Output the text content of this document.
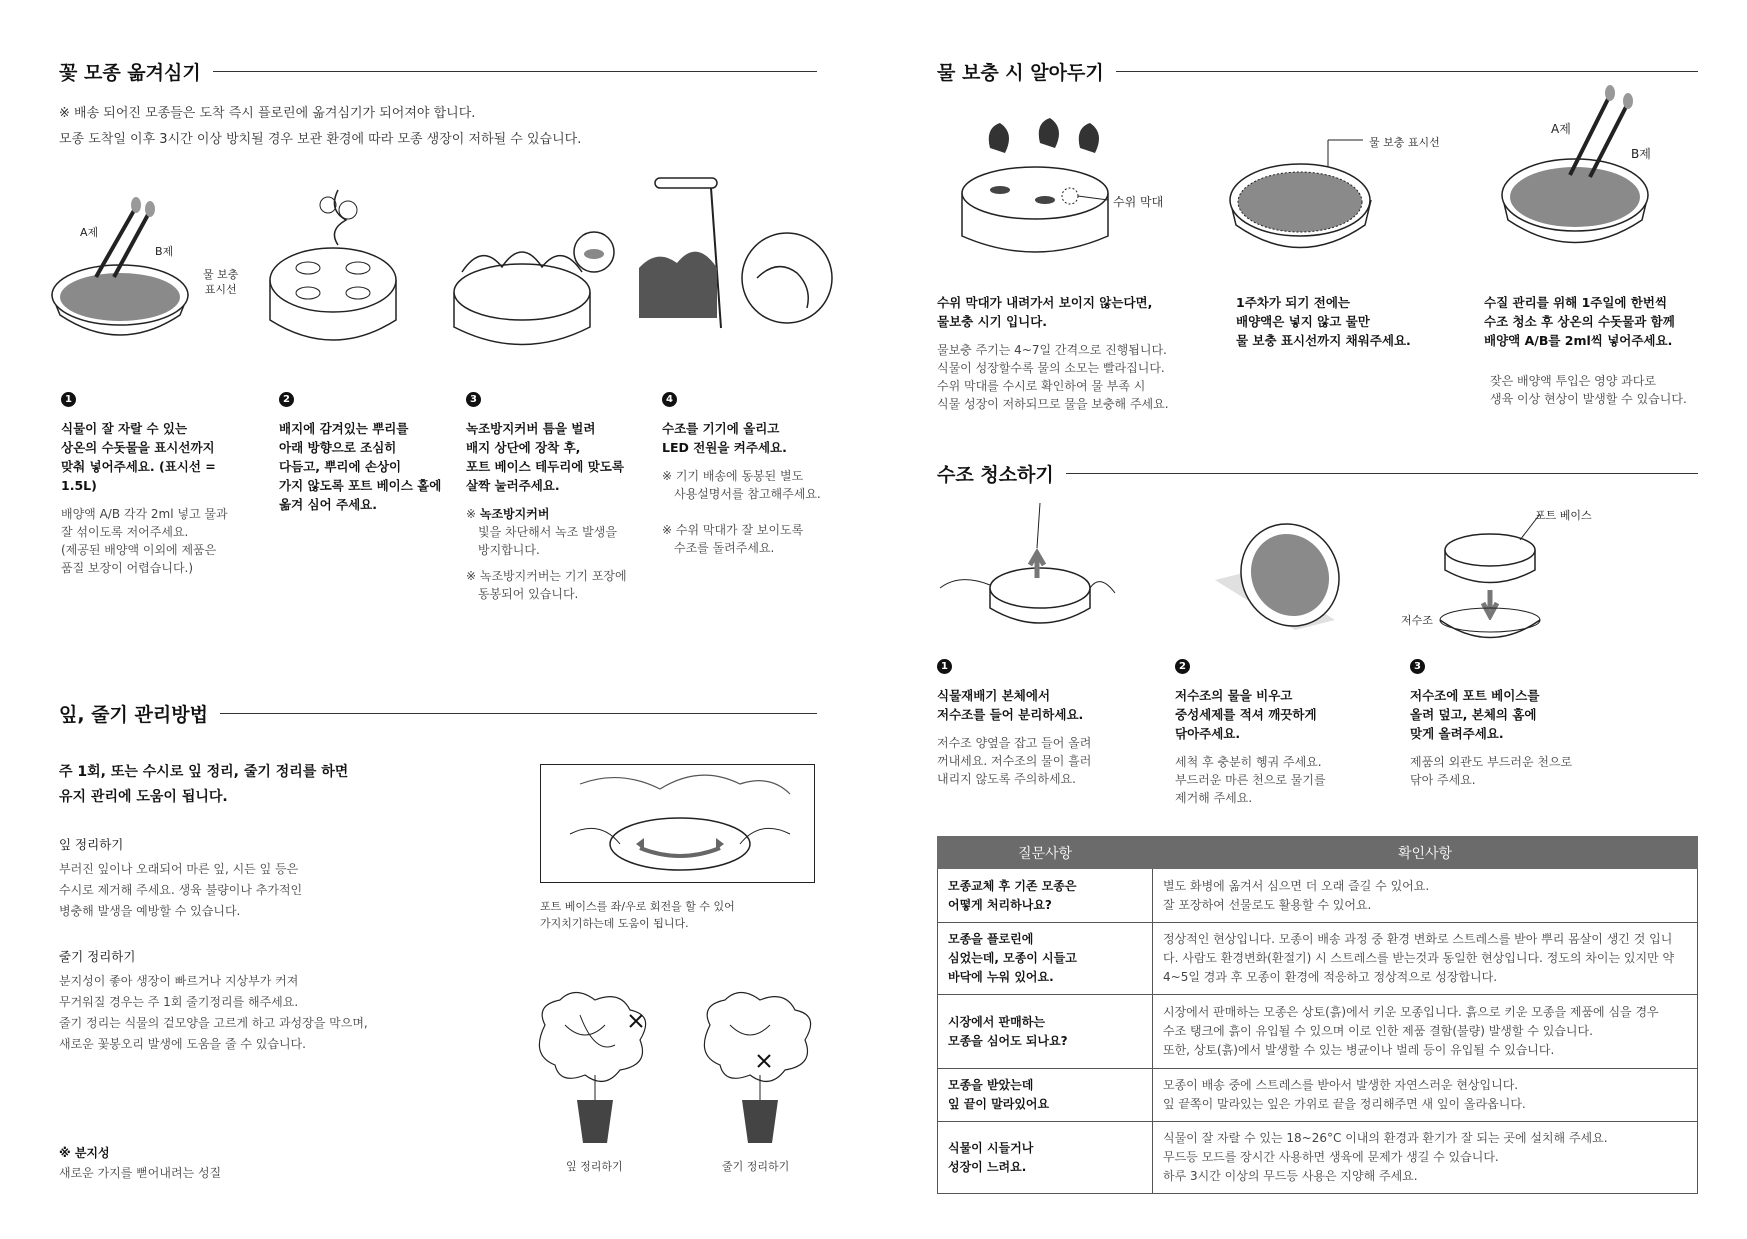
꽃 모종 옮겨심기
※ 배송 되어진 모종들은 도착 즉시 플로린에 옮겨심기가 되어져야 합니다.
모종 도착일 이후 3시간 이상 방치될 경우 보관 환경에 따라 모종 생장이 저하될 수 있습니다.
A제
B제
물 보충
표시선
1
식물이 잘 자랄 수 있는
상온의 수돗물을 표시선까지
맞춰 넣어주세요. (표시선 = 1.5L)
배양액 A/B 각각 2ml 넣고 물과
잘 섞이도록 저어주세요.
(제공된 배양액 이외에 제품은
품질 보장이 어렵습니다.)
2
배지에 감겨있는 뿌리를
아래 방향으로 조심히
다듬고, 뿌리에 손상이
가지 않도록 포트 베이스 홀에
옮겨 심어 주세요.
3
녹조방지커버 틈을 벌려
배지 상단에 장착 후,
포트 베이스 테두리에 맞도록
살짝 눌러주세요.
※ 녹조방지커버
빛을 차단해서 녹조 발생을
방지합니다.
※ 녹조방지커버는 기기 포장에
동봉되어 있습니다.
4
수조를 기기에 올리고
LED 전원을 켜주세요.
※ 기기 배송에 동봉된 별도
사용설명서를 참고해주세요.
※ 수위 막대가 잘 보이도록
수조를 돌려주세요.
잎, 줄기 관리방법
주 1회, 또는 수시로 잎 정리, 줄기 정리를 하면
유지 관리에 도움이 됩니다.
잎 정리하기
부러진 잎이나 오래되어 마른 잎, 시든 잎 등은
수시로 제거해 주세요. 생육 불량이나 추가적인
병충해 발생을 예방할 수 있습니다.
줄기 정리하기
분지성이 좋아 생장이 빠르거나 지상부가 커져
무거워질 경우는 주 1회 줄기정리를 해주세요.
줄기 정리는 식물의 겉모양을 고르게 하고 과성장을 막으며,
새로운 꽃봉오리 발생에 도움을 줄 수 있습니다.
※ 분지성
새로운 가지를 뻗어내려는 성질
포트 베이스를 좌/우로 회전을 할 수 있어
가지치기하는데 도움이 됩니다.
잎 정리하기	줄기 정리하기
물 보충 시 알아두기
수위 막대
물 보충 표시선
A제
B제
수위 막대가 내려가서 보이지 않는다면,
물보충 시기 입니다.
물보충 주기는 4~7일 간격으로 진행됩니다.
식물이 성장할수록 물의 소모는 빨라집니다.
수위 막대를 수시로 확인하여 물 부족 시
식물 성장이 저하되므로 물을 보충해 주세요.
1주차가 되기 전에는
배양액은 넣지 않고 물만
물 보충 표시선까지 채워주세요.
수질 관리를 위해 1주일에 한번씩
수조 청소 후 상온의 수돗물과 함께
배양액 A/B를 2ml씩 넣어주세요.
잦은 배양액 투입은 영양 과다로
생육 이상 현상이 발생할 수 있습니다.
수조 청소하기
포트 베이스
저수조
1
식물재배기 본체에서
저수조를 들어 분리하세요.
저수조 양옆을 잡고 들어 올려
꺼내세요. 저수조의 물이 흘러
내리지 않도록 주의하세요.
2
저수조의 물을 비우고
중성세제를 적셔 깨끗하게
닦아주세요.
세척 후 충분히 헹궈 주세요.
부드러운 마른 천으로 물기를
제거해 주세요.
3
저수조에 포트 베이스를
올려 덮고, 본체의 홈에
맞게 올려주세요.
제품의 외관도 부드러운 천으로
닦아 주세요.
질문사항	확인사항
모종교체 후 기존 모종은
어떻게 처리하나요?	별도 화병에 옮겨서 심으면 더 오래 즐길 수 있어요.
잘 포장하여 선물로도 활용할 수 있어요.
모종을 플로린에
심었는데, 모종이 시들고
바닥에 누워 있어요.	정상적인 현상입니다. 모종이 배송 과정 중 환경 변화로 스트레스를 받아 뿌리 몸살이 생긴 것 입니
다. 사람도 환경변화(환절기) 시 스트레스를 받는것과 동일한 현상입니다. 정도의 차이는 있지만 약
4~5일 경과 후 모종이 환경에 적응하고 정상적으로 성장합니다.
시장에서 판매하는
모종을 심어도 되나요?	시장에서 판매하는 모종은 상토(흙)에서 키운 모종입니다. 흙으로 키운 모종을 제품에 심을 경우
수조 탱크에 흙이 유입될 수 있으며 이로 인한 제품 결함(불량) 발생할 수 있습니다.
또한, 상토(흙)에서 발생할 수 있는 병균이나 벌레 등이 유입될 수 있습니다.
모종을 받았는데
잎 끝이 말라있어요	모종이 배송 중에 스트레스를 받아서 발생한 자연스러운 현상입니다.
잎 끝쪽이 말라있는 잎은 가위로 끝을 정리해주면 새 잎이 올라옵니다.
식물이 시들거나
성장이 느려요.	식물이 잘 자랄 수 있는 18~26°C 이내의 환경과 환기가 잘 되는 곳에 설치해 주세요.
무드등 모드를 장시간 사용하면 생육에 문제가 생길 수 있습니다.
하루 3시간 이상의 무드등 사용은 지양해 주세요.
